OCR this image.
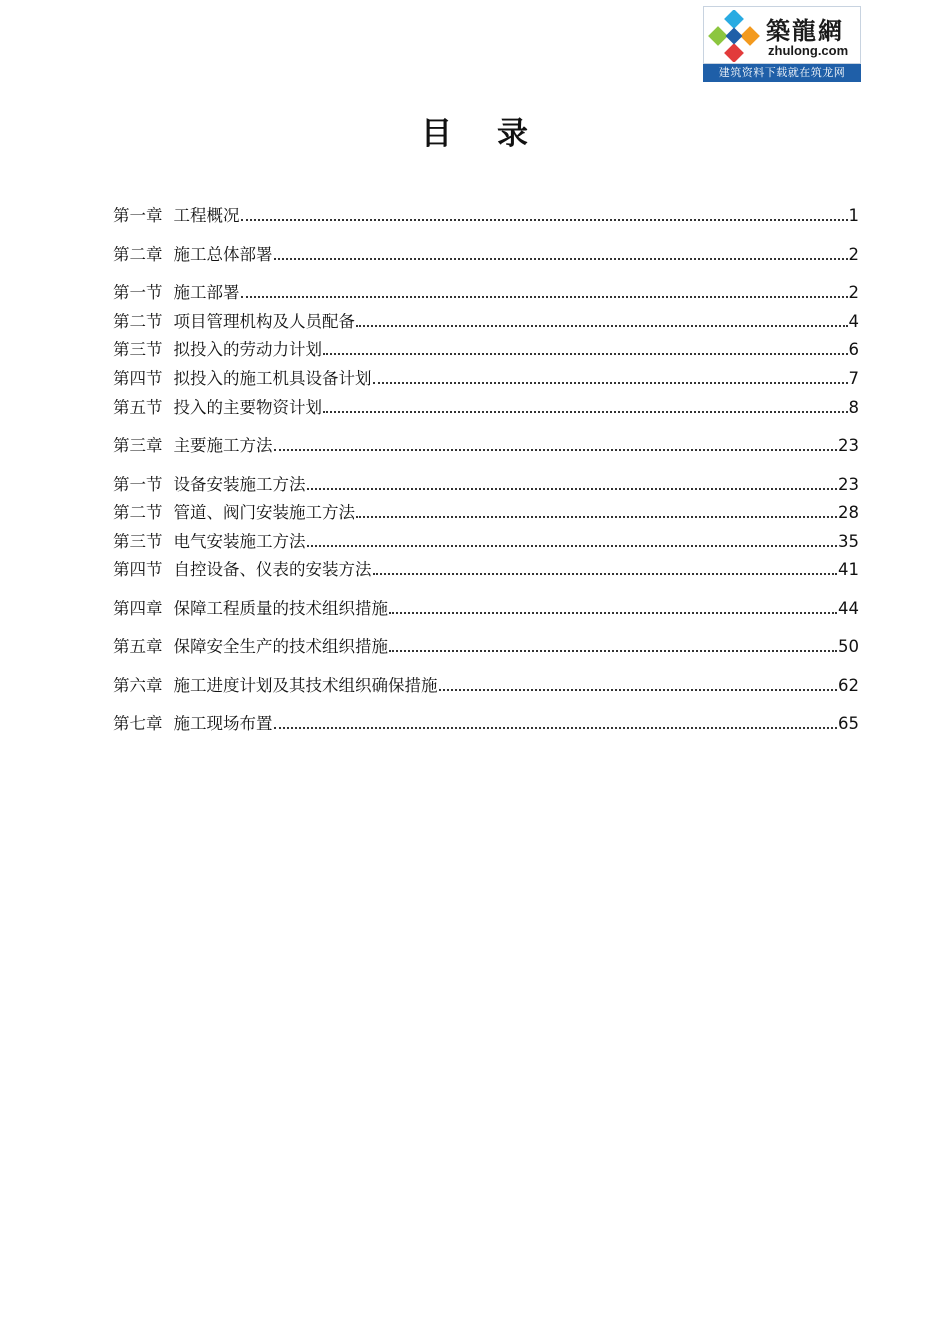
築龍網
zhulong.com
建筑资料下载就在筑龙网
目 录
第一章 工程概况	1
第二章 施工总体部署	2
第一节 施工部署	2
第二节 项目管理机构及人员配备	4
第三节 拟投入的劳动力计划	6
第四节 拟投入的施工机具设备计划	7
第五节 投入的主要物资计划	8
第三章 主要施工方法	23
第一节 设备安装施工方法	23
第二节 管道、阀门安装施工方法	28
第三节 电气安装施工方法	35
第四节 自控设备、仪表的安装方法	41
第四章 保障工程质量的技术组织措施	44
第五章 保障安全生产的技术组织措施	50
第六章 施工进度计划及其技术组织确保措施	62
第七章 施工现场布置	65
